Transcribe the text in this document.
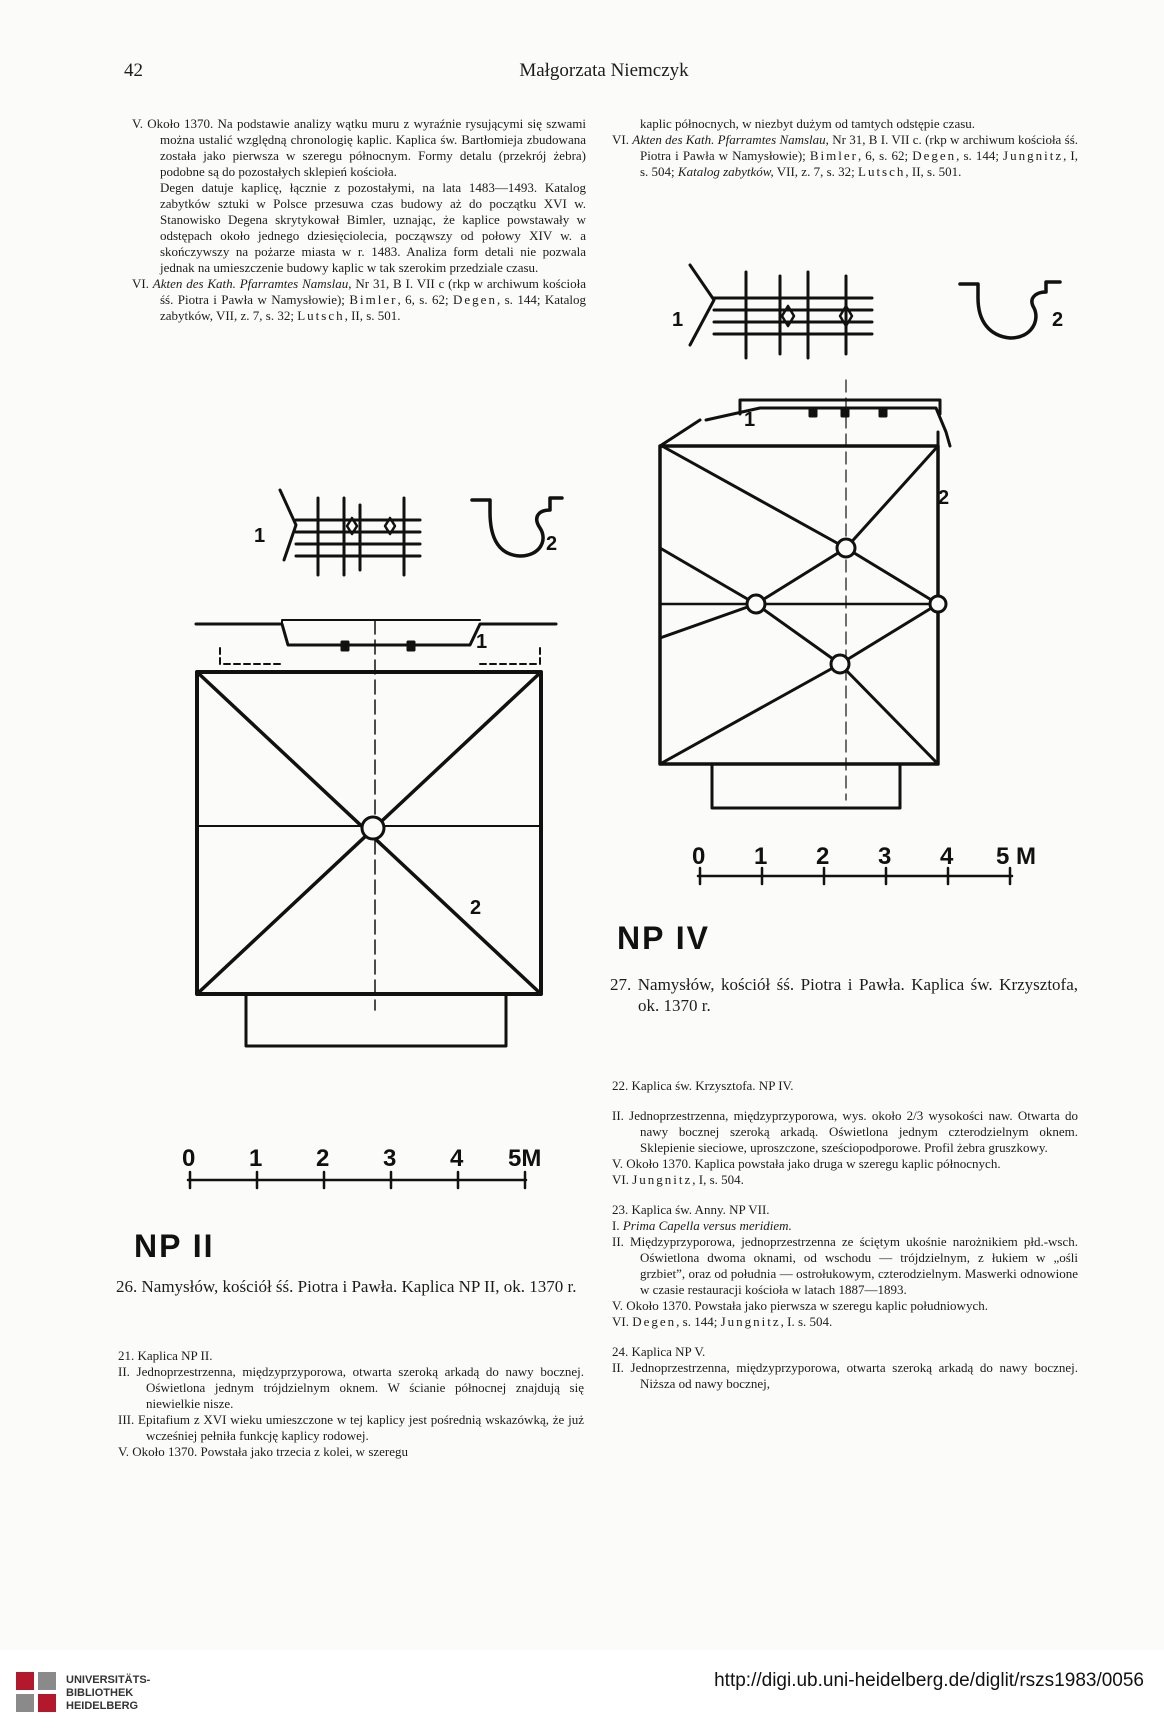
42	Małgorzata Niemczyk

V. Około 1370. Na podstawie analizy wątku muru z wyraźnie rysującymi się szwami można ustalić względną chronologię kaplic. Kaplica św. Bartłomieja zbudowana została jako pierwsza w szeregu północnym. Formy detalu (przekrój żebra) podobne są do pozostałych sklepień kościoła.

Degen datuje kaplicę, łącznie z pozostałymi, na lata 1483—1493. Katalog zabytków sztuki w Polsce przesuwa czas budowy aż do początku XVI w. Stanowisko Degena skrytykował Bimler, uznając, że kaplice powstawały w odstępach około jednego dziesięciolecia, począwszy od połowy XIV w. a skończywszy na pożarze miasta w r. 1483. Analiza form detali nie pozwala jednak na umieszczenie budowy kaplic w tak szerokim przedziale czasu.

VI. Akten des Kath. Pfarramtes Namslau, Nr 31, B I. VII c (rkp w archiwum kościoła śś. Piotra i Pawła w Namysłowie); Bimler, 6, s. 62; Degen, s. 144; Katalog zabytków, VII, z. 7, s. 32; Lutsch, II, s. 501.

kaplic północnych, w niezbyt dużym od tamtych odstępie czasu.

VI. Akten des Kath. Pfarramtes Namslau, Nr 31, B I. VII c. (rkp w archiwum kościoła śś. Piotra i Pawła w Namysłowie); Bimler, 6, s. 62; Degen, s. 144; Jungnitz, I, s. 504; Katalog zabytków, VII, z. 7, s. 32; Lutsch, II, s. 501.

1	2
1
2
0 1 2 3 4 5M
NP II
26. Namysłów, kościół śś. Piotra i Pawła. Kaplica NP II, ok. 1370 r.
1	2
1
2
0 1 2 3 4 5 M
NP IV
27. Namysłów, kościół śś. Piotra i Pawła. Kaplica św. Krzysztofa, ok. 1370 r.

21. Kaplica NP II.

II. Jednoprzestrzenna, międzyprzyporowa, otwarta szeroką arkadą do nawy bocznej. Oświetlona jednym trójdzielnym oknem. W ścianie północnej znajdują się niewielkie nisze.

III. Epitafium z XVI wieku umieszczone w tej kaplicy jest pośrednią wskazówką, że już wcześniej pełniła funkcję kaplicy rodowej.

V. Około 1370. Powstała jako trzecia z kolei, w szeregu

22. Kaplica św. Krzysztofa. NP IV.

II. Jednoprzestrzenna, międzyprzyporowa, wys. około 2/3 wysokości naw. Otwarta do nawy bocznej szeroką arkadą. Oświetlona jednym czterodzielnym oknem. Sklepienie sieciowe, uproszczone, sześciopodporowe. Profil żebra gruszkowy.

V. Około 1370. Kaplica powstała jako druga w szeregu kaplic północnych.

VI. Jungnitz, I, s. 504.

23. Kaplica św. Anny. NP VII.

I. Prima Capella versus meridiem.

II. Międzyprzyporowa, jednoprzestrzenna ze ściętym ukośnie narożnikiem płd.-wsch. Oświetlona dwoma oknami, od wschodu — trójdzielnym, z łukiem w „ośli grzbiet”, oraz od południa — ostrołukowym, czterodzielnym. Maswerki odnowione w czasie restauracji kościoła w latach 1887—1893.

V. Około 1370. Powstała jako pierwsza w szeregu kaplic południowych.

VI. Degen, s. 144; Jungnitz, I. s. 504.

24. Kaplica NP V.

II. Jednoprzestrzenna, międzyprzyporowa, otwarta szeroką arkadą do nawy bocznej. Niższa od nawy bocznej,

UNIVERSITÄTS-
BIBLIOTHEK
HEIDELBERG
http://digi.ub.uni-heidelberg.de/diglit/rszs1983/0056
